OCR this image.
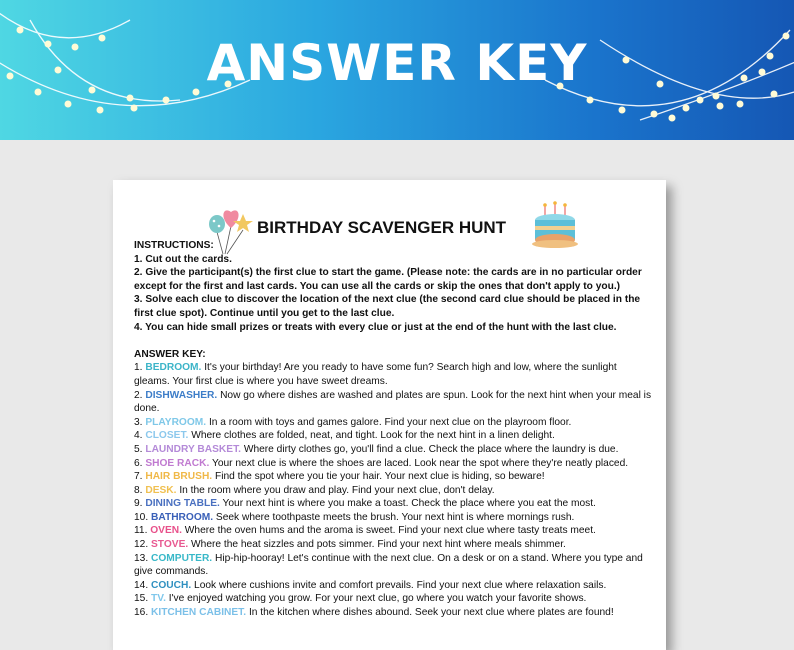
ANSWER KEY
BIRTHDAY SCAVENGER HUNT
INSTRUCTIONS:
1. Cut out the cards.
2. Give the participant(s) the first clue to start the game. (Please note: the cards are in no particular order except for the first and last cards. You can use all the cards or skip the ones that don't apply to you.)
3. Solve each clue to discover the location of the next clue (the second card clue should be placed in the first clue spot). Continue until you get to the last clue.
4. You can hide small prizes or treats with every clue or just at the end of the hunt with the last clue.
ANSWER KEY:
1. BEDROOM. It's your birthday! Are you ready to have some fun? Search high and low, where the sunlight gleams. Your first clue is where you have sweet dreams.
2. DISHWASHER. Now go where dishes are washed and plates are spun. Look for the next hint when your meal is done.
3. PLAYROOM. In a room with toys and games galore. Find your next clue on the playroom floor.
4. CLOSET. Where clothes are folded, neat, and tight. Look for the next hint in a linen delight.
5. LAUNDRY BASKET. Where dirty clothes go, you'll find a clue. Check the place where the laundry is due.
6. SHOE RACK. Your next clue is where the shoes are laced. Look near the spot where they're neatly placed.
7. HAIR BRUSH. Find the spot where you tie your hair. Your next clue is hiding, so beware!
8. DESK. In the room where you draw and play. Find your next clue, don't delay.
9. DINING TABLE. Your next hint is where you make a toast. Check the place where you eat the most.
10. BATHROOM. Seek where toothpaste meets the brush. Your next hint is where mornings rush.
11. OVEN. Where the oven hums and the aroma is sweet. Find your next clue where tasty treats meet.
12. STOVE. Where the heat sizzles and pots simmer. Find your next hint where meals shimmer.
13. COMPUTER. Hip-hip-hooray! Let's continue with the next clue. On a desk or on a stand. Where you type and give commands.
14. COUCH. Look where cushions invite and comfort prevails. Find your next clue where relaxation sails.
15. TV. I've enjoyed watching you grow. For your next clue, go where you watch your favorite shows.
16. KITCHEN CABINET. In the kitchen where dishes abound. Seek your next clue where plates are found!
